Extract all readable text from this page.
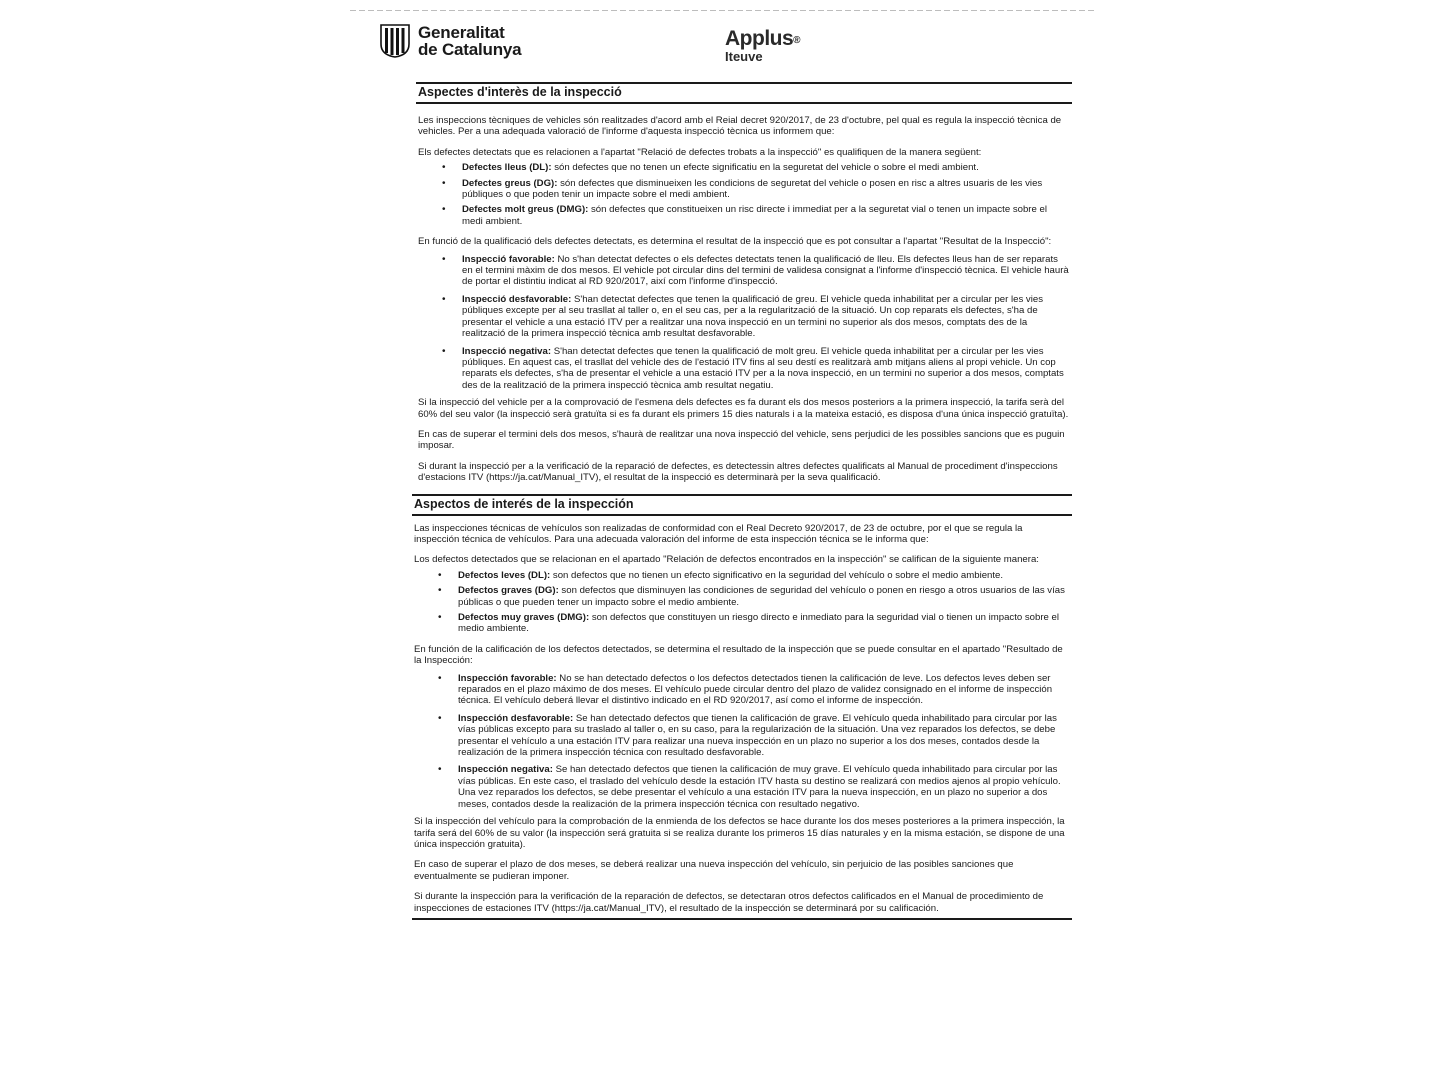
Generalitat
de Catalunya	Applus®
Iteuve
Aspectes d'interès de la inspecció

Les inspeccions tècniques de vehicles són realitzades d'acord amb el Reial decret 920/2017, de 23 d'octubre, pel qual es regula la inspecció tècnica de vehicles. Per a una adequada valoració de l'informe d'aquesta inspecció tècnica us informem que:

Els defectes detectats que es relacionen a l'apartat "Relació de defectes trobats a la inspecció" es qualifiquen de la manera següent:

• Defectes lleus (DL): són defectes que no tenen un efecte significatiu en la seguretat del vehicle o sobre el medi ambient.
• Defectes greus (DG): són defectes que disminueixen les condicions de seguretat del vehicle o posen en risc a altres usuaris de les vies públiques o que poden tenir un impacte sobre el medi ambient.
• Defectes molt greus (DMG): són defectes que constitueixen un risc directe i immediat per a la seguretat vial o tenen un impacte sobre el medi ambient.

En funció de la qualificació dels defectes detectats, es determina el resultat de la inspecció que es pot consultar a l'apartat "Resultat de la Inspecció":

• Inspecció favorable: No s'han detectat defectes o els defectes detectats tenen la qualificació de lleu. Els defectes lleus han de ser reparats en el termini màxim de dos mesos. El vehicle pot circular dins del termini de validesa consignat a l'informe d'inspecció tècnica. El vehicle haurà de portar el distintiu indicat al RD 920/2017, així com l'informe d'inspecció.
• Inspecció desfavorable: S'han detectat defectes que tenen la qualificació de greu. El vehicle queda inhabilitat per a circular per les vies públiques excepte per al seu trasllat al taller o, en el seu cas, per a la regularització de la situació. Un cop reparats els defectes, s'ha de presentar el vehicle a una estació ITV per a realitzar una nova inspecció en un termini no superior als dos mesos, comptats des de la realització de la primera inspecció tècnica amb resultat desfavorable.
• Inspecció negativa: S'han detectat defectes que tenen la qualificació de molt greu. El vehicle queda inhabilitat per a circular per les vies públiques. En aquest cas, el trasllat del vehicle des de l'estació ITV fins al seu destí es realitzarà amb mitjans aliens al propi vehicle. Un cop reparats els defectes, s'ha de presentar el vehicle a una estació ITV per a la nova inspecció, en un termini no superior a dos mesos, comptats des de la realització de la primera inspecció tècnica amb resultat negatiu.

Si la inspecció del vehicle per a la comprovació de l'esmena dels defectes es fa durant els dos mesos posteriors a la primera inspecció, la tarifa serà del 60% del seu valor (la inspecció serà gratuïta si es fa durant els primers 15 dies naturals i a la mateixa estació, es disposa d'una única inspecció gratuïta).

En cas de superar el termini dels dos mesos, s'haurà de realitzar una nova inspecció del vehicle, sens perjudici de les possibles sancions que es puguin imposar.

Si durant la inspecció per a la verificació de la reparació de defectes, es detectessin altres defectes qualificats al Manual de procediment d'inspeccions d'estacions ITV (https://ja.cat/Manual_ITV), el resultat de la inspecció es determinarà per la seva qualificació.

Aspectos de interés de la inspección

Las inspecciones técnicas de vehículos son realizadas de conformidad con el Real Decreto 920/2017, de 23 de octubre, por el que se regula la inspección técnica de vehículos. Para una adecuada valoración del informe de esta inspección técnica se le informa que:

Los defectos detectados que se relacionan en el apartado "Relación de defectos encontrados en la inspección" se califican de la siguiente manera:

• Defectos leves (DL): son defectos que no tienen un efecto significativo en la seguridad del vehículo o sobre el medio ambiente.
• Defectos graves (DG): son defectos que disminuyen las condiciones de seguridad del vehículo o ponen en riesgo a otros usuarios de las vías públicas o que pueden tener un impacto sobre el medio ambiente.
• Defectos muy graves (DMG): son defectos que constituyen un riesgo directo e inmediato para la seguridad vial o tienen un impacto sobre el medio ambiente.

En función de la calificación de los defectos detectados, se determina el resultado de la inspección que se puede consultar en el apartado "Resultado de la Inspección:

• Inspección favorable: No se han detectado defectos o los defectos detectados tienen la calificación de leve. Los defectos leves deben ser reparados en el plazo máximo de dos meses. El vehículo puede circular dentro del plazo de validez consignado en el informe de inspección técnica. El vehículo deberá llevar el distintivo indicado en el RD 920/2017, así como el informe de inspección.
• Inspección desfavorable: Se han detectado defectos que tienen la calificación de grave. El vehículo queda inhabilitado para circular por las vías públicas excepto para su traslado al taller o, en su caso, para la regularización de la situación. Una vez reparados los defectos, se debe presentar el vehículo a una estación ITV para realizar una nueva inspección en un plazo no superior a los dos meses, contados desde la realización de la primera inspección técnica con resultado desfavorable.
• Inspección negativa: Se han detectado defectos que tienen la calificación de muy grave. El vehículo queda inhabilitado para circular por las vías públicas. En este caso, el traslado del vehículo desde la estación ITV hasta su destino se realizará con medios ajenos al propio vehículo. Una vez reparados los defectos, se debe presentar el vehículo a una estación ITV para la nueva inspección, en un plazo no superior a dos meses, contados desde la realización de la primera inspección técnica con resultado negativo.

Si la inspección del vehículo para la comprobación de la enmienda de los defectos se hace durante los dos meses posteriores a la primera inspección, la tarifa será del 60% de su valor (la inspección será gratuita si se realiza durante los primeros 15 días naturales y en la misma estación, se dispone de una única inspección gratuita).

En caso de superar el plazo de dos meses, se deberá realizar una nueva inspección del vehículo, sin perjuicio de las posibles sanciones que eventualmente se pudieran imponer.

Si durante la inspección para la verificación de la reparación de defectos, se detectaran otros defectos calificados en el Manual de procedimiento de inspecciones de estaciones ITV (https://ja.cat/Manual_ITV), el resultado de la inspección se determinará por su calificación.
